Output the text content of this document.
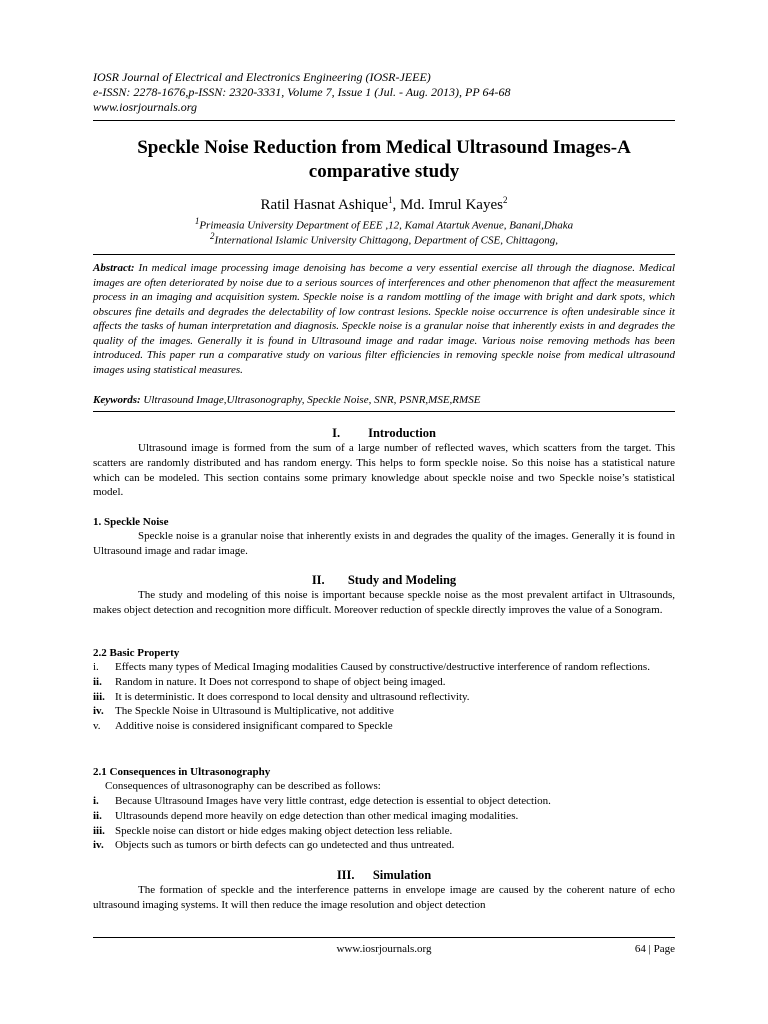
IOSR Journal of Electrical and Electronics Engineering (IOSR-JEEE)
e-ISSN: 2278-1676,p-ISSN: 2320-3331, Volume 7, Issue 1 (Jul. - Aug. 2013), PP 64-68
www.iosrjournals.org
Speckle Noise Reduction from Medical Ultrasound Images-A
comparative study
Ratil Hasnat Ashique$^1$, Md. Imrul Kayes$^2$
$^1$Primeasia University Department of EEE ,12, Kamal Atartuk Avenue, Banani,Dhaka
$^2$International Islamic University Chittagong, Department of CSE, Chittagong,
Abstract: In medical image processing image denoising has become a very essential exercise all through the diagnose. Medical images are often deteriorated by noise due to a serious sources of interferences and other phenomenon that affect the measurement process in an imaging and acquisition system. Speckle noise is a random mottling of the image with bright and dark spots, which obscures fine details and degrades the delectability of low contrast lesions. Speckle noise occurrence is often undesirable since it affects the tasks of human interpretation and diagnosis. Speckle noise is a granular noise that inherently exists in and degrades the quality of the images. Generally it is found in Ultrasound image and radar image. Various noise removing methods has been introduced. This paper run a comparative study on various filter efficiencies in removing speckle noise from medical ultrasound images using statistical measures.
Keywords: Ultrasound Image,Ultrasonography, Speckle Noise, SNR, PSNR,MSE,RMSE
I. Introduction
Ultrasound image is formed from the sum of a large number of reflected waves, which scatters from the target. This scatters are randomly distributed and has random energy. This helps to form speckle noise. So this noise has a statistical nature which can be modeled. This section contains some primary knowledge about speckle noise and two Speckle noise’s statistical model.
1. Speckle Noise
Speckle noise is a granular noise that inherently exists in and degrades the quality of the images. Generally it is found in Ultrasound image and radar image.
II. Study and Modeling
The study and modeling of this noise is important because speckle noise as the most prevalent artifact in Ultrasounds, makes object detection and recognition more difficult. Moreover reduction of speckle directly improves the value of a Sonogram.
2.2 Basic Property
i. Effects many types of Medical Imaging modalities Caused by constructive/destructive interference of random reflections.
ii. Random in nature. It Does not correspond to shape of object being imaged.
iii. It is deterministic. It does correspond to local density and ultrasound reflectivity.
iv. The Speckle Noise in Ultrasound is Multiplicative, not additive
v. Additive noise is considered insignificant compared to Speckle
2.1 Consequences in Ultrasonography
Consequences of ultrasonography can be described as follows:
i. Because Ultrasound Images have very little contrast, edge detection is essential to object detection.
ii. Ultrasounds depend more heavily on edge detection than other medical imaging modalities.
iii. Speckle noise can distort or hide edges making object detection less reliable.
iv. Objects such as tumors or birth defects can go undetected and thus untreated.
III. Simulation
The formation of speckle and the interference patterns in envelope image are caused by the coherent nature of echo ultrasound imaging systems. It will then reduce the image resolution and object detection
www.iosrjournals.org	64 | Page
